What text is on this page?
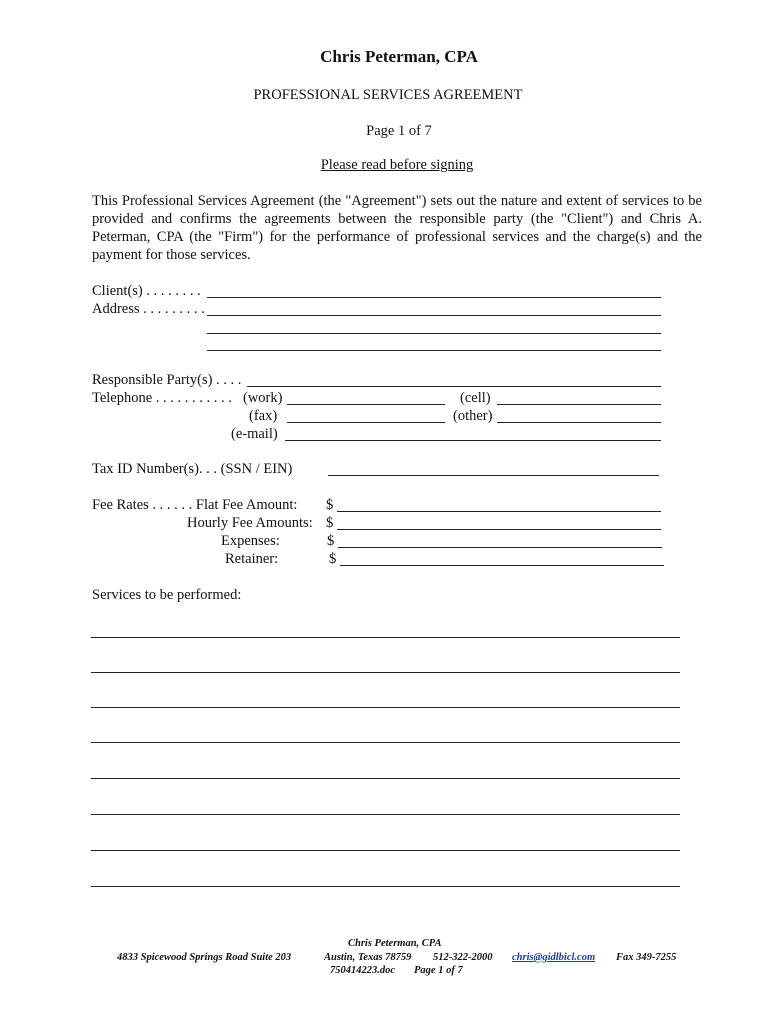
Chris Peterman, CPA
PROFESSIONAL SERVICES AGREEMENT
Page 1 of 7
Please read before signing
This Professional Services Agreement (the "Agreement") sets out the nature and extent of services to be provided and confirms the agreements between the responsible party (the "Client") and Chris A. Peterman, CPA (the "Firm") for the performance of professional services and the charge(s) and the payment for those services.
Client(s) . . . . . . . .
Address . . . . . . . . .
Responsible Party(s) . . . .
Telephone . . . . . . . . . . . (work)	(cell)
(fax)	(other)
(e-mail)
Tax ID Number(s). . . (SSN / EIN)
Fee Rates . . . . . . Flat Fee Amount: $
Hourly Fee Amounts: $
Expenses:	$
Retainer:	$
Services to be performed:
Chris Peterman, CPA
4833 Spicewood Springs Road Suite 203	Austin, Texas 78759 512-322-2000 chris@gidlbicl.com Fax 349-7255
750414223.doc Page 1 of 7
